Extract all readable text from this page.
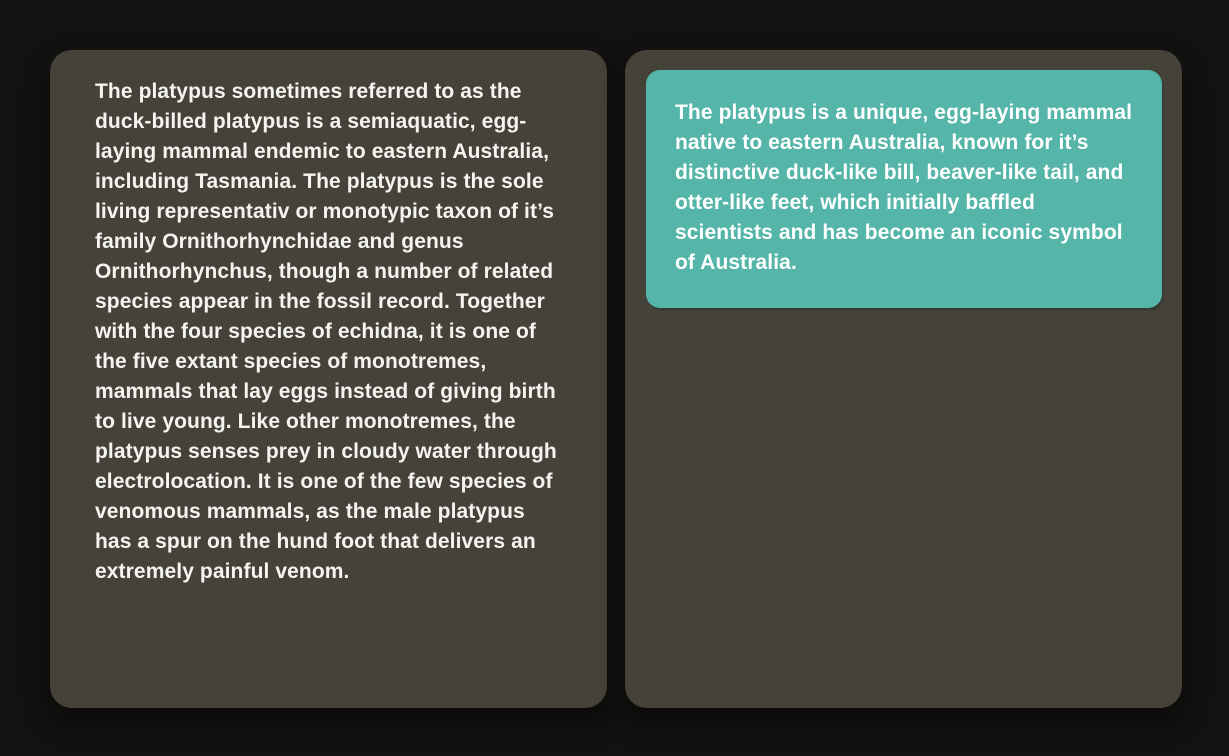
The platypus sometimes referred to as the duck-billed platypus is a semiaquatic, egg-laying mammal endemic to eastern Australia, including Tasmania. The platypus is the sole living representativ or monotypic taxon of it’s family Ornithorhynchidae and genus Ornithorhynchus, though a number of related species appear in the fossil record. Together with the four species of echidna, it is one of the five extant species of monotremes, mammals that lay eggs instead of giving birth to live young. Like other monotremes, the platypus senses prey in cloudy water through electrolocation. It is one of the few species of venomous mammals, as the male platypus has a spur on the hund foot that delivers an extremely painful venom.

The platypus is a unique, egg-laying mammal native to eastern Australia, known for it’s distinctive duck-like bill, beaver-like tail, and otter-like feet, which initially baffled scientists and has become an iconic symbol of Australia.
